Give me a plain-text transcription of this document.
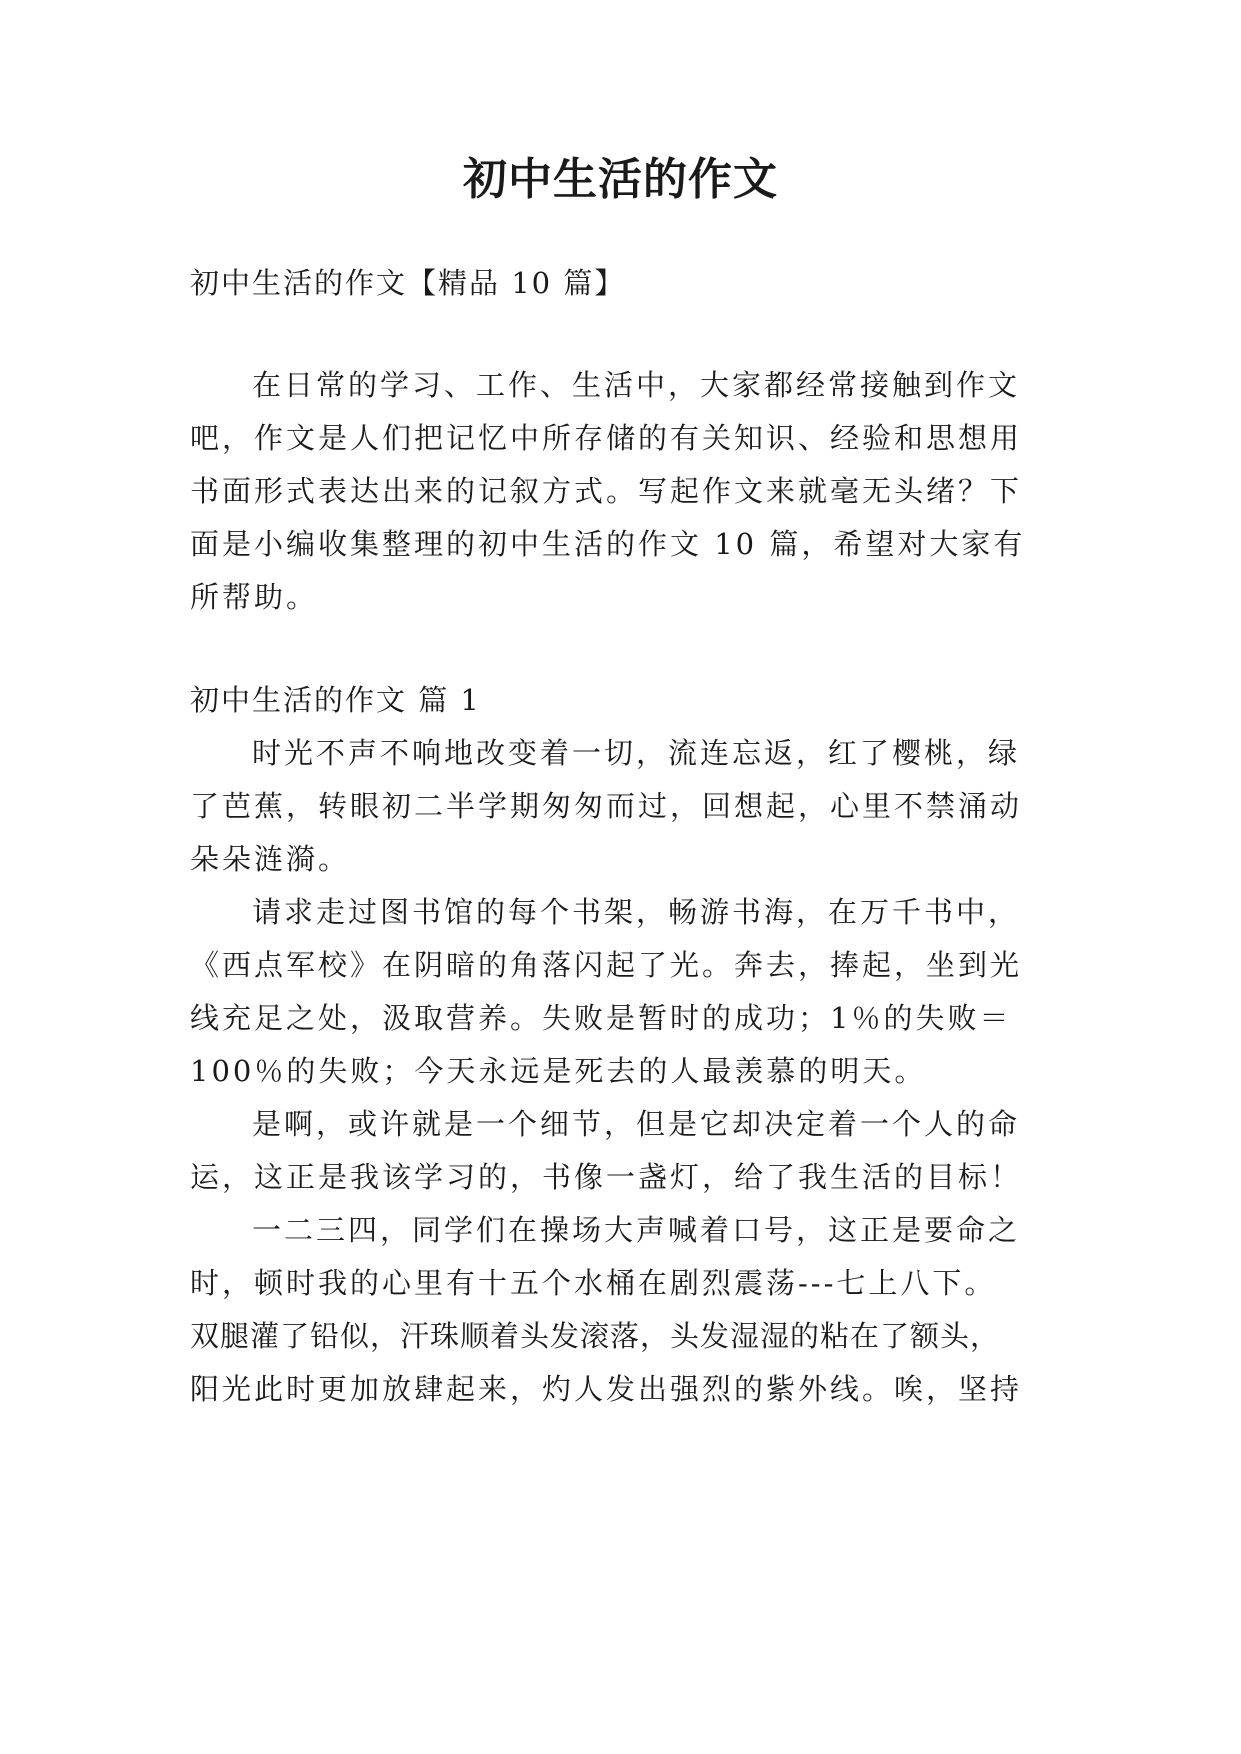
初中生活的作文
初中生活的作文【精品 10 篇】
在日常的学习、工作、生活中，大家都经常接触到作文
吧，作文是人们把记忆中所存储的有关知识、经验和思想用
书面形式表达出来的记叙方式。写起作文来就毫无头绪？下
面是小编收集整理的初中生活的作文 10 篇，希望对大家有
所帮助。
初中生活的作文 篇 1
时光不声不响地改变着一切，流连忘返，红了樱桃，绿
了芭蕉，转眼初二半学期匆匆而过，回想起，心里不禁涌动
朵朵涟漪。
请求走过图书馆的每个书架，畅游书海，在万千书中，
《西点军校》在阴暗的角落闪起了光。奔去，捧起，坐到光
线充足之处，汲取营养。失败是暂时的成功；1％的失败＝
100％的失败；今天永远是死去的人最羡慕的明天。
是啊，或许就是一个细节，但是它却决定着一个人的命
运，这正是我该学习的，书像一盏灯，给了我生活的目标！
一二三四，同学们在操场大声喊着口号，这正是要命之
时，顿时我的心里有十五个水桶在剧烈震荡---七上八下。
双腿灌了铅似，汗珠顺着头发滚落，头发湿湿的粘在了额头，
阳光此时更加放肆起来，灼人发出强烈的紫外线。唉，坚持
